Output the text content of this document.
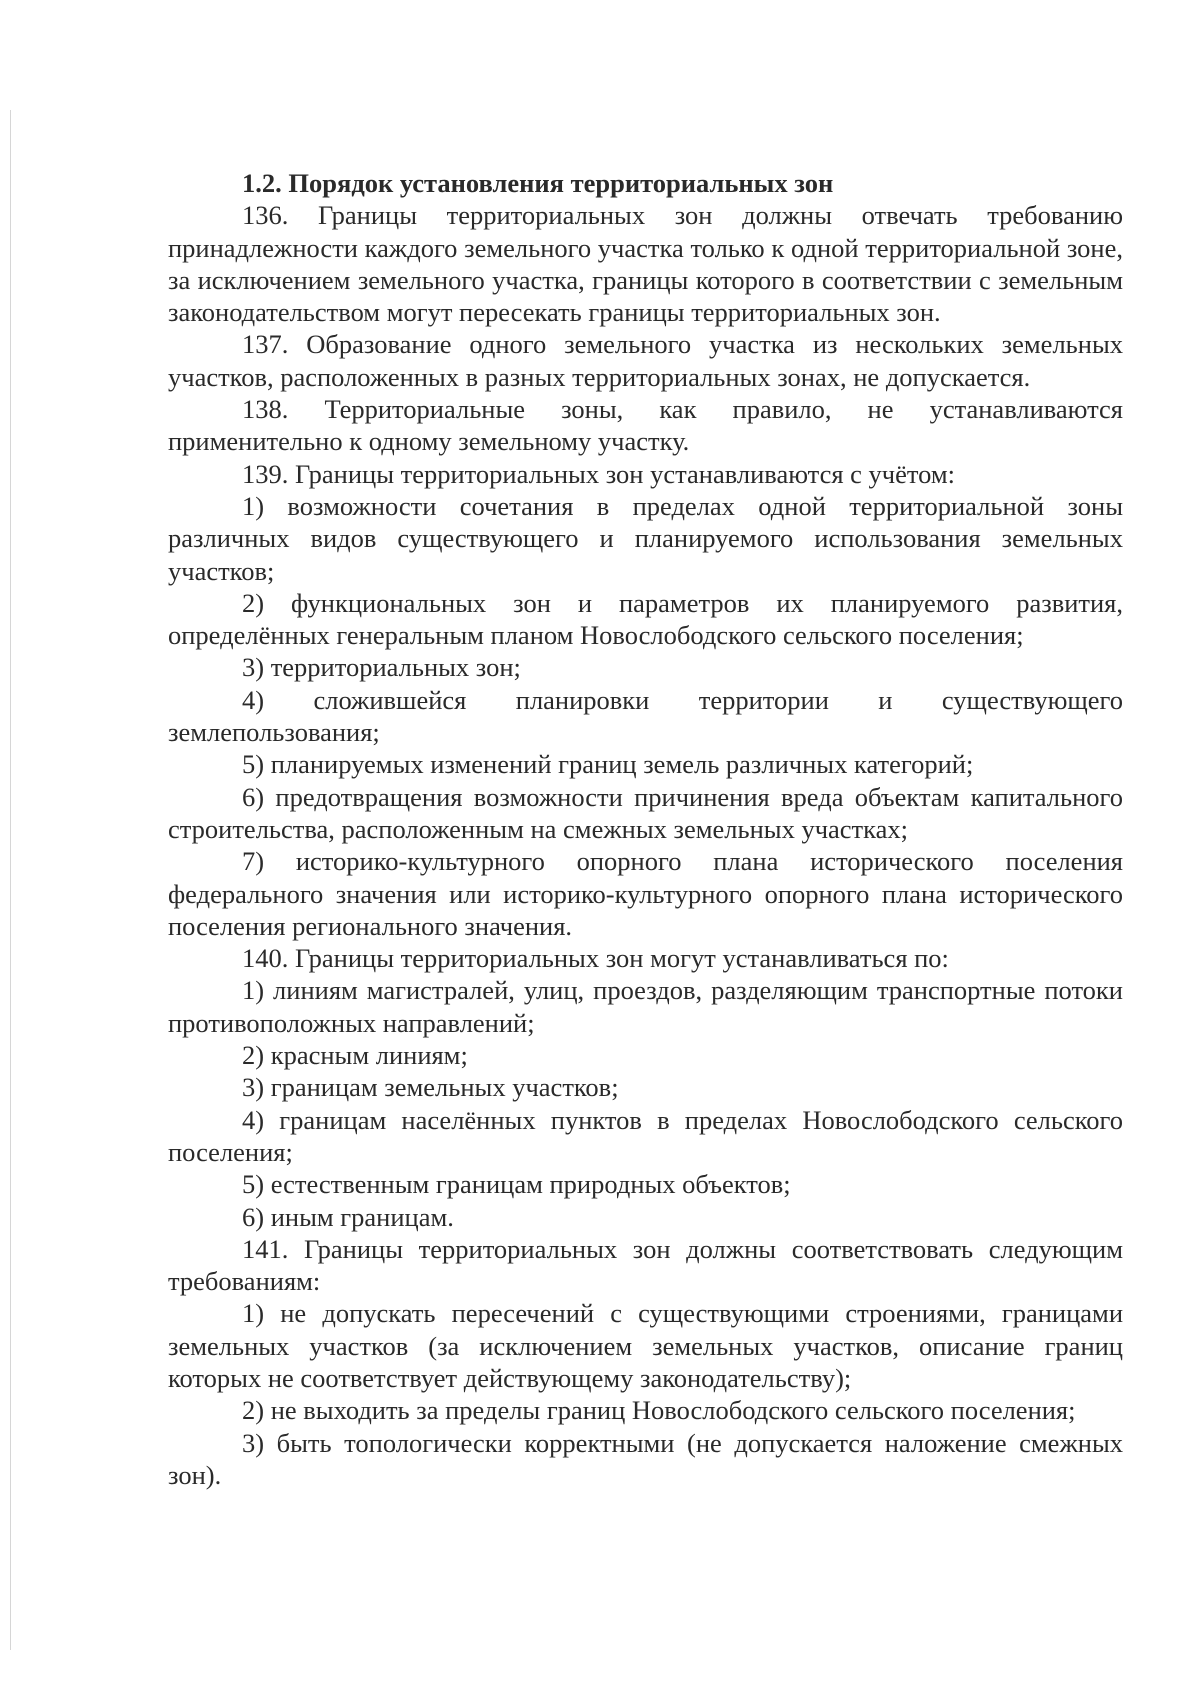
1.2. Порядок установления территориальных зон

136. Границы территориальных зон должны отвечать требованию принадлежности каждого земельного участка только к одной территориальной зоне, за исключением земельного участка, границы которого в соответствии с земельным законодательством могут пересекать границы территориальных зон.

137. Образование одного земельного участка из нескольких земельных участков, расположенных в разных территориальных зонах, не допускается.

138. Территориальные зоны, как правило, не устанавливаются применительно к одному земельному участку.

139. Границы территориальных зон устанавливаются с учётом:

1) возможности сочетания в пределах одной территориальной зоны различных видов существующего и планируемого использования земельных участков;

2) функциональных зон и параметров их планируемого развития, определённых генеральным планом Новослободского сельского поселения;

3) территориальных зон;

4) сложившейся планировки территории и существующего землепользования;

5) планируемых изменений границ земель различных категорий;

6) предотвращения возможности причинения вреда объектам капитального строительства, расположенным на смежных земельных участках;

7) историко-культурного опорного плана исторического поселения федерального значения или историко-культурного опорного плана исторического поселения регионального значения.

140. Границы территориальных зон могут устанавливаться по:

1) линиям магистралей, улиц, проездов, разделяющим транспортные потоки противоположных направлений;

2) красным линиям;

3) границам земельных участков;

4) границам населённых пунктов в пределах Новослободского сельского поселения;

5) естественным границам природных объектов;

6) иным границам.

141. Границы территориальных зон должны соответствовать следующим требованиям:

1) не допускать пересечений с существующими строениями, границами земельных участков (за исключением земельных участков, описание границ которых не соответствует действующему законодательству);

2) не выходить за пределы границ Новослободского сельского поселения;

3) быть топологически корректными (не допускается наложение смежных зон).
